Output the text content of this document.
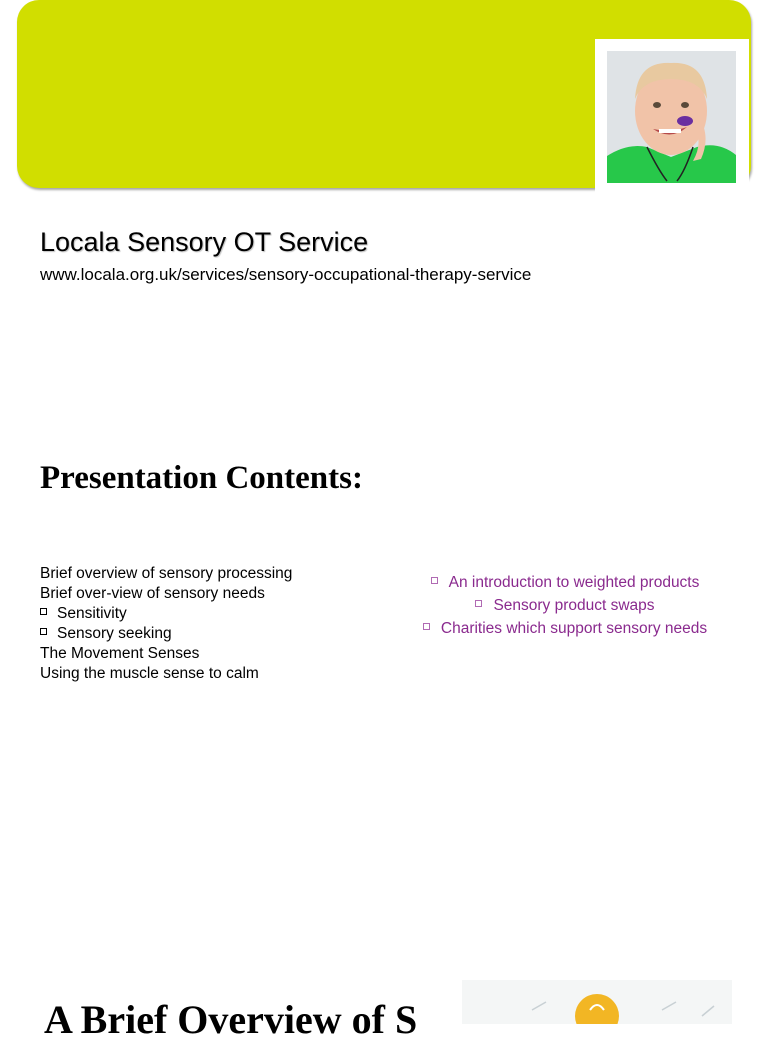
Locala Sensory OT Service
www.locala.org.uk/services/sensory-occupational-therapy-service
Presentation Contents:
Brief overview of sensory processing
Brief over-view of sensory needs
Sensitivity
Sensory seeking
The Movement Senses
Using the muscle sense to calm
An introduction to weighted products
Sensory product swaps
Charities which support sensory needs
A Brief Overview of S
